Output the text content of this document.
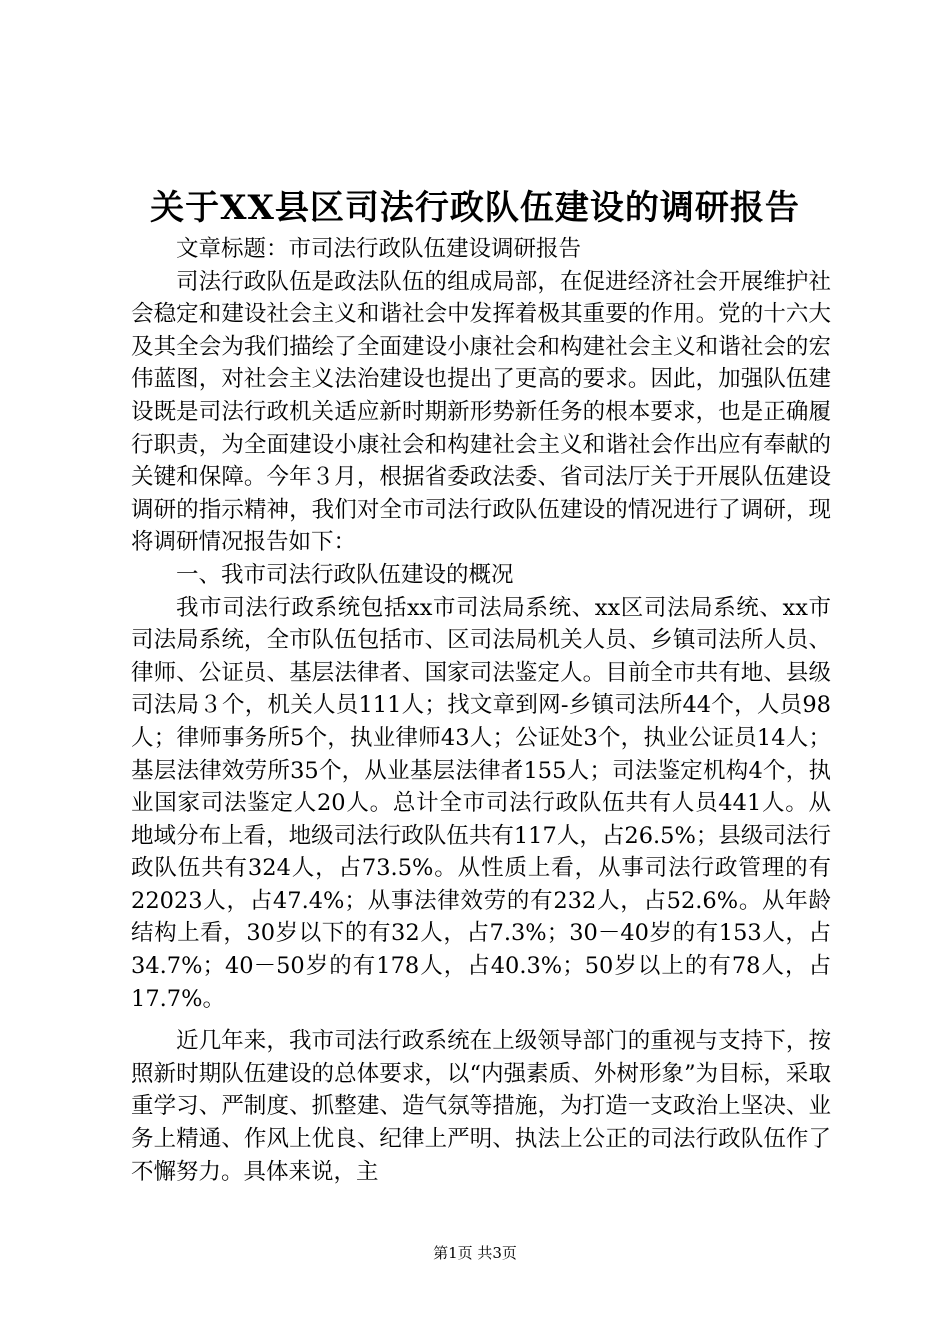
关于XX县区司法行政队伍建设的调研报告

文章标题：市司法行政队伍建设调研报告

司法行政队伍是政法队伍的组成局部，在促进经济社会开展维护社会稳定和建设社会主义和谐社会中发挥着极其重要的作用。党的十六大及其全会为我们描绘了全面建设小康社会和构建社会主义和谐社会的宏伟蓝图，对社会主义法治建设也提出了更高的要求。因此，加强队伍建设既是司法行政机关适应新时期新形势新任务的根本要求，也是正确履行职责，为全面建设小康社会和构建社会主义和谐社会作出应有奉献的关键和保障。今年３月，根据省委政法委、省司法厅关于开展队伍建设调研的指示精神，我们对全市司法行政队伍建设的情况进行了调研，现将调研情况报告如下：

一、我市司法行政队伍建设的概况

我市司法行政系统包括xx市司法局系统、xx区司法局系统、xx市司法局系统，全市队伍包括市、区司法局机关人员、乡镇司法所人员、律师、公证员、基层法律者、国家司法鉴定人。目前全市共有地、县级司法局３个，机关人员111人；找文章到网-乡镇司法所44个，人员98人；律师事务所5个，执业律师43人；公证处3个，执业公证员14人；基层法律效劳所35个，从业基层法律者155人；司法鉴定机构4个，执业国家司法鉴定人20人。总计全市司法行政队伍共有人员441人。从地域分布上看，地级司法行政队伍共有117人，占26.5%；县级司法行政队伍共有324人，占73.5%。从性质上看，从事司法行政管理的有22023人，占47.4%；从事法律效劳的有232人，占52.6%。从年龄结构上看，30岁以下的有32人，占7.3%；30－40岁的有153人，占34.7%；40－50岁的有178人，占40.3%；50岁以上的有78人，占17.7%。

近几年来，我市司法行政系统在上级领导部门的重视与支持下，按照新时期队伍建设的总体要求，以“内强素质、外树形象”为目标，采取重学习、严制度、抓整建、造气氛等措施，为打造一支政治上坚决、业务上精通、作风上优良、纪律上严明、执法上公正的司法行政队伍作了不懈努力。具体来说，主

第1页 共3页
